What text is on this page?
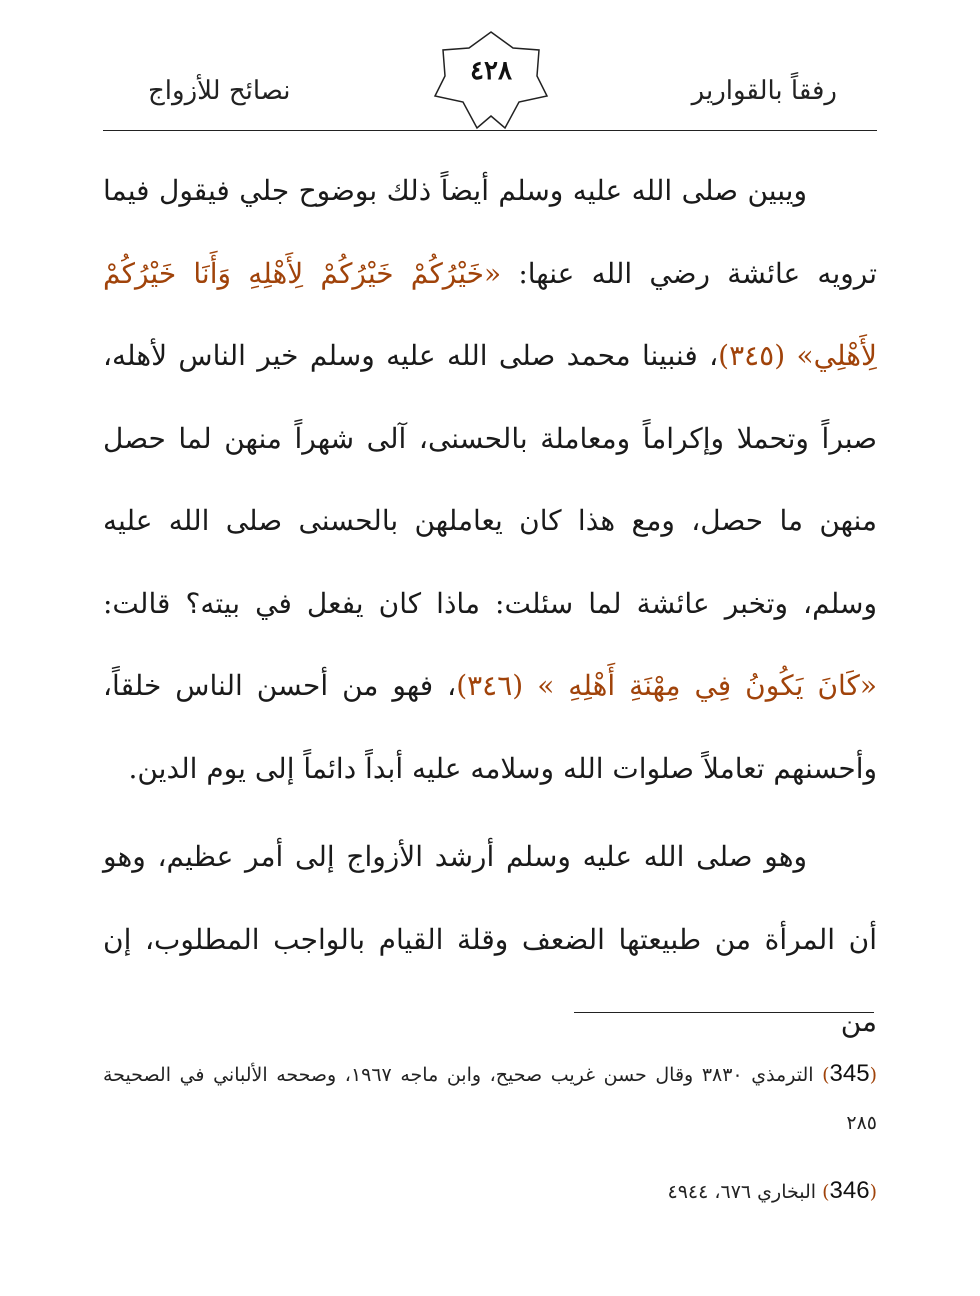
نصائح للأزواج
٤٢٨
رفقاً بالقوارير

ويبين صلى الله عليه وسلم أيضاً ذلك بوضوح جلي فيقول فيما ترويه عائشة رضي الله عنها: «خَيْرُكُمْ خَيْرُكُمْ لِأَهْلِهِ وَأَنَا خَيْرُكُمْ لِأَهْلِي» (٣٤٥)، فنبينا محمد صلى الله عليه وسلم خير الناس لأهله، صبراً وتحملا وإكراماً ومعاملة بالحسنى، آلى شهراً منهن لما حصل منهن ما حصل، ومع هذا كان يعاملهن بالحسنى صلى الله عليه وسلم، وتخبر عائشة لما سئلت: ماذا كان يفعل في بيته؟ قالت: «كَانَ يَكُونُ فِي مِهْنَةِ أَهْلِهِ » (٣٤٦)، فهو من أحسن الناس خلقاً، وأحسنهم تعاملاً صلوات الله وسلامه عليه أبداً دائماً إلى يوم الدين.

وهو صلى الله عليه وسلم أرشد الأزواج إلى أمر عظيم، وهو أن المرأة من طبيعتها الضعف وقلة القيام بالواجب المطلوب، إن من

(345) الترمذي ٣٨٣٠ وقال حسن غريب صحيح، وابن ماجه ١٩٦٧، وصححه الألباني في الصحيحة ٢٨٥

(346) البخاري ٦٧٦، ٤٩٤٤
